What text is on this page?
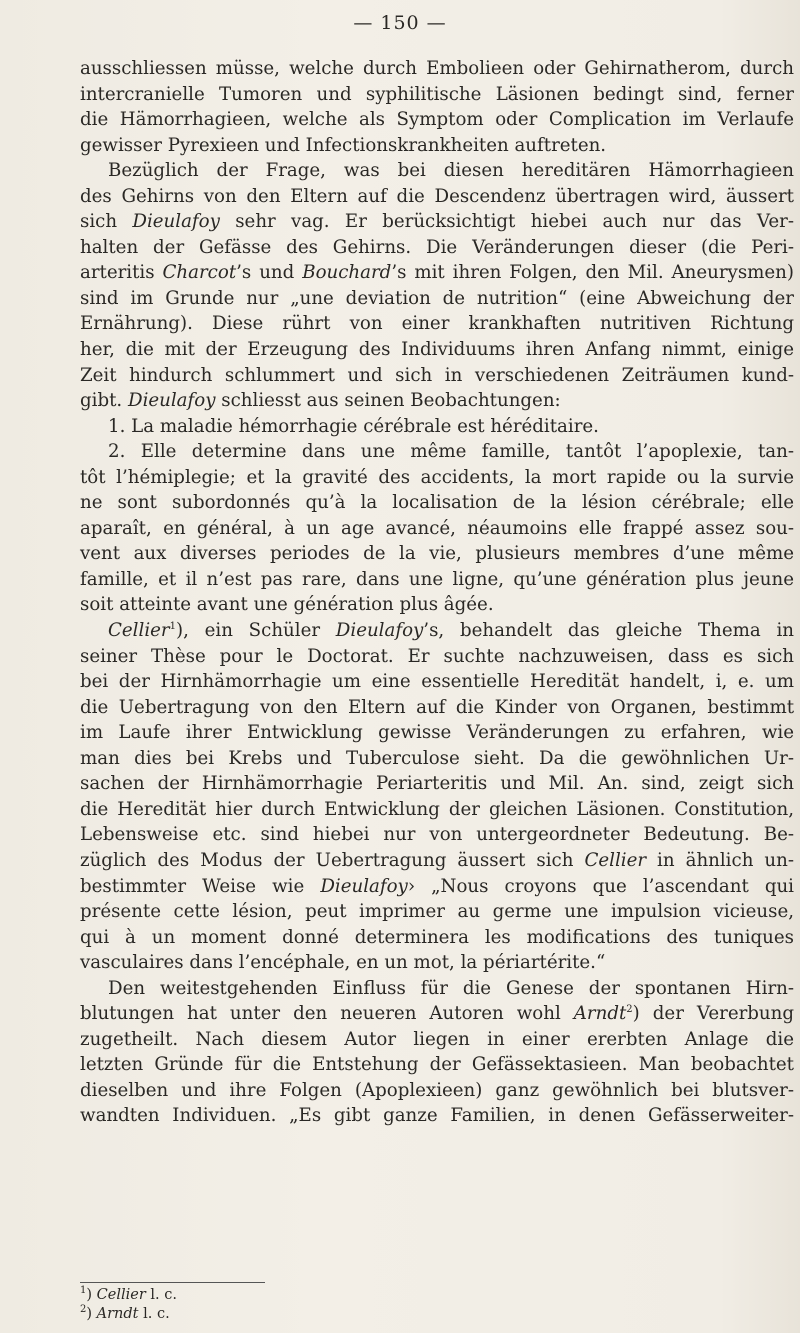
— 150 —

ausschliessen müsse, welche durch Embolieen oder Gehirnatherom, durch

intercranielle Tumoren und syphilitische Läsionen bedingt sind, ferner

die Hämorrhagieen, welche als Symptom oder Complication im Verlaufe

gewisser Pyrexieen und Infectionskrankheiten auftreten.

Bezüglich der Frage, was bei diesen hereditären Hämorrhagieen

des Gehirns von den Eltern auf die Descendenz übertragen wird, äussert

sich Dieulafoy sehr vag. Er berücksichtigt hiebei auch nur das Ver-

halten der Gefässe des Gehirns. Die Veränderungen dieser (die Peri-

arteritis Charcot’s und Bouchard’s mit ihren Folgen, den Mil. Aneurysmen)

sind im Grunde nur „une deviation de nutrition“ (eine Abweichung der

Ernährung). Diese rührt von einer krankhaften nutritiven Richtung

her, die mit der Erzeugung des Individuums ihren Anfang nimmt, einige

Zeit hindurch schlummert und sich in verschiedenen Zeiträumen kund-

gibt. Dieulafoy schliesst aus seinen Beobachtungen:

1. La maladie hémorrhagie cérébrale est héréditaire.

2. Elle determine dans une même famille, tantôt l’apoplexie, tan-

tôt l’hémiplegie; et la gravité des accidents, la mort rapide ou la survie

ne sont subordonnés qu’à la localisation de la lésion cérébrale; elle

aparaît, en général, à un age avancé, néaumoins elle frappé assez sou-

vent aux diverses periodes de la vie, plusieurs membres d’une même

famille, et il n’est pas rare, dans une ligne, qu’une génération plus jeune

soit atteinte avant une génération plus âgée.

Cellier$^1$), ein Schüler Dieulafoy’s, behandelt das gleiche Thema in

seiner Thèse pour le Doctorat. Er suchte nachzuweisen, dass es sich

bei der Hirnhämorrhagie um eine essentielle Heredität handelt, i, e. um

die Uebertragung von den Eltern auf die Kinder von Organen, bestimmt

im Laufe ihrer Entwicklung gewisse Veränderungen zu erfahren, wie

man dies bei Krebs und Tuberculose sieht. Da die gewöhnlichen Ur-

sachen der Hirnhämorrhagie Periarteritis und Mil. An. sind, zeigt sich

die Heredität hier durch Entwicklung der gleichen Läsionen. Constitution,

Lebensweise etc. sind hiebei nur von untergeordneter Bedeutung. Be-

züglich des Modus der Uebertragung äussert sich Cellier in ähnlich un-

bestimmter Weise wie Dieulafoy› „Nous croyons que l’ascendant qui

présente cette lésion, peut imprimer au germe une impulsion vicieuse,

qui à un moment donné determinera les modifications des tuniques

vasculaires dans l’encéphale, en un mot, la périartérite.“

Den weitestgehenden Einfluss für die Genese der spontanen Hirn-

blutungen hat unter den neueren Autoren wohl Arndt$^2$) der Vererbung

zugetheilt. Nach diesem Autor liegen in einer ererbten Anlage die

letzten Gründe für die Entstehung der Gefässektasieen. Man beobachtet

dieselben und ihre Folgen (Apoplexieen) ganz gewöhnlich bei blutsver-

wandten Individuen. „Es gibt ganze Familien, in denen Gefässerweiter-

$^1$) Cellier l. c.
$^2$) Arndt l. c.
